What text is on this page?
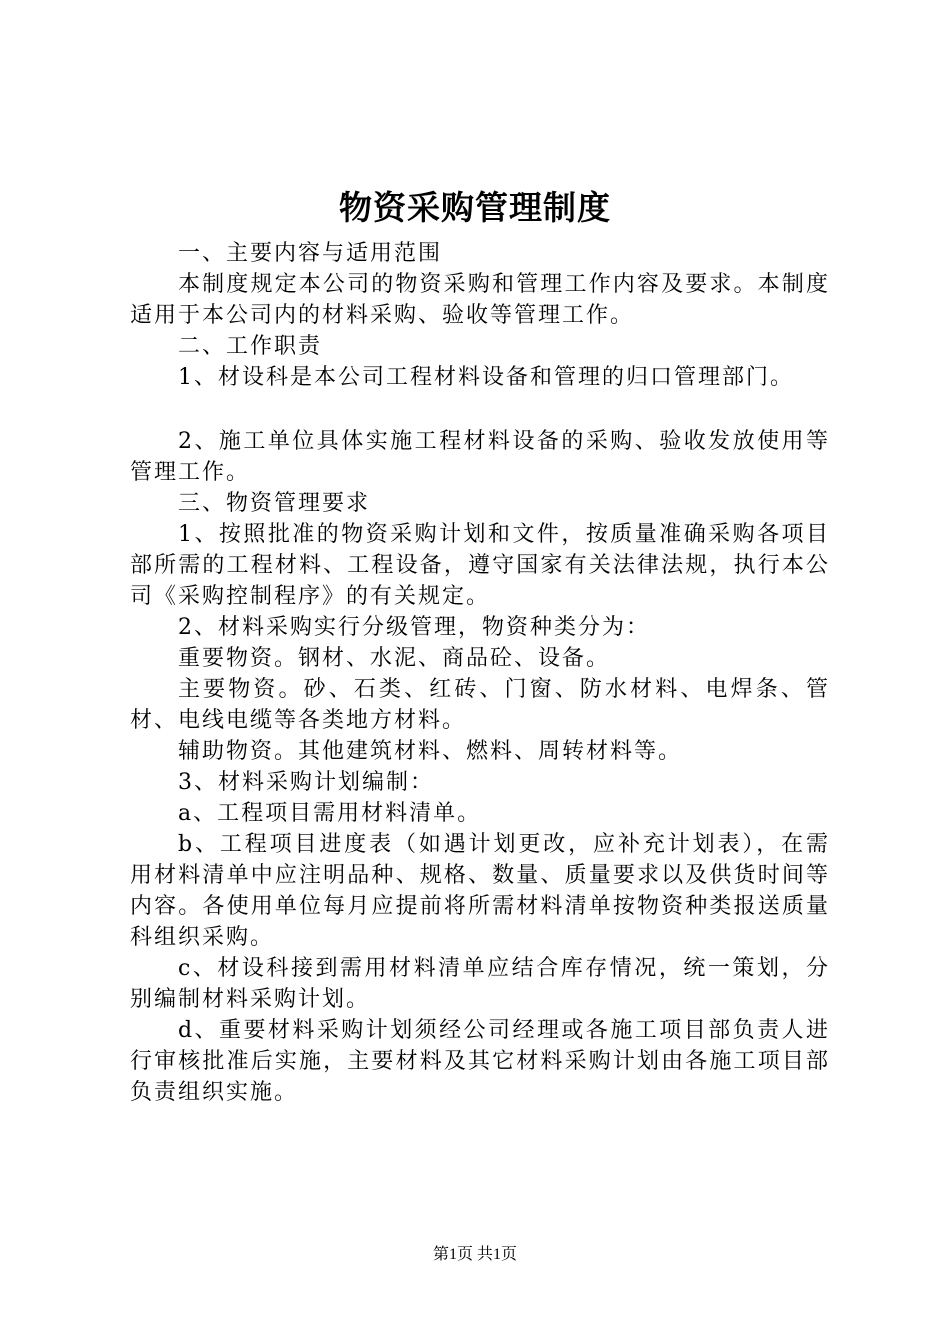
物资采购管理制度

一、主要内容与适用范围

本制度规定本公司的物资采购和管理工作内容及要求。本制度适用于本公司内的材料采购、验收等管理工作。

二、工作职责

1、材设科是本公司工程材料设备和管理的归口管理部门。

2、施工单位具体实施工程材料设备的采购、验收发放使用等管理工作。

三、物资管理要求

1、按照批准的物资采购计划和文件，按质量准确采购各项目部所需的工程材料、工程设备，遵守国家有关法律法规，执行本公司《采购控制程序》的有关规定。

2、材料采购实行分级管理，物资种类分为：

重要物资。钢材、水泥、商品砼、设备。

主要物资。砂、石类、红砖、门窗、防水材料、电焊条、管材、电线电缆等各类地方材料。

辅助物资。其他建筑材料、燃料、周转材料等。

3、材料采购计划编制：

a、工程项目需用材料清单。

b、工程项目进度表（如遇计划更改，应补充计划表），在需用材料清单中应注明品种、规格、数量、质量要求以及供货时间等内容。各使用单位每月应提前将所需材料清单按物资种类报送质量科组织采购。

c、材设科接到需用材料清单应结合库存情况，统一策划，分别编制材料采购计划。

d、重要材料采购计划须经公司经理或各施工项目部负责人进行审核批准后实施，主要材料及其它材料采购计划由各施工项目部负责组织实施。

第1页 共1页
